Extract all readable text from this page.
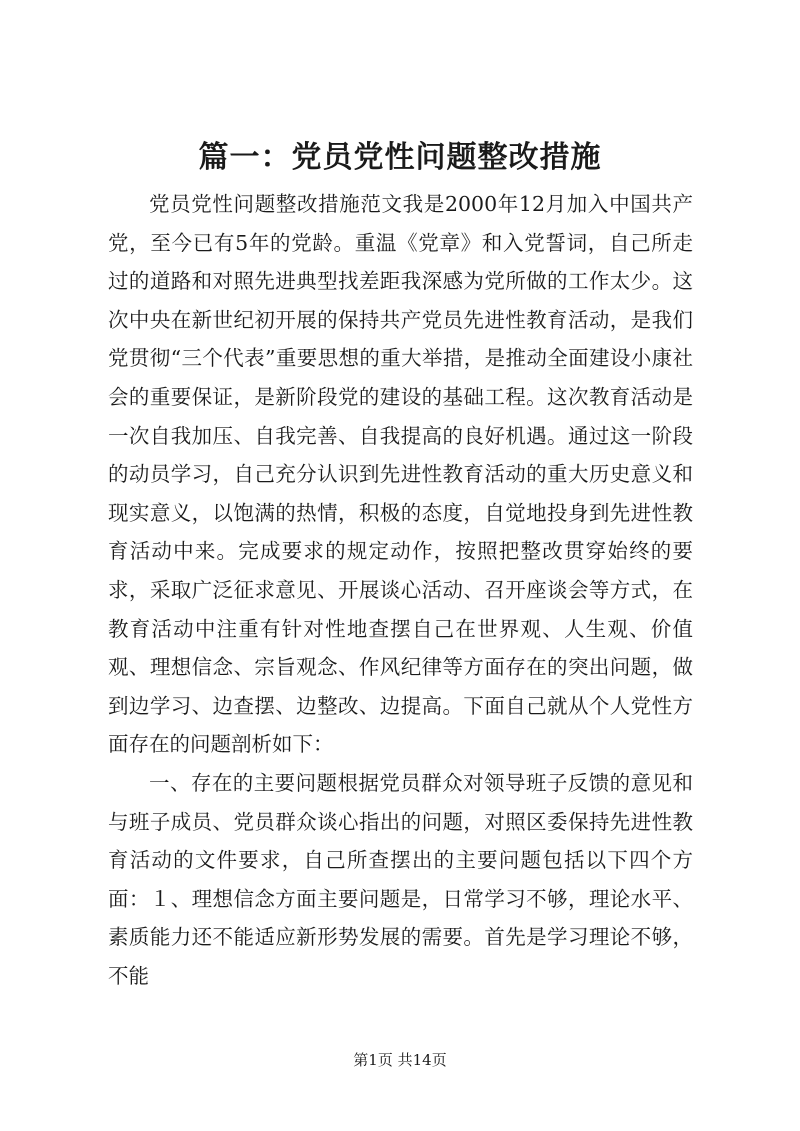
篇一：党员党性问题整改措施

党员党性问题整改措施范文我是2000年12月加入中国共产党，至今已有5年的党龄。重温《党章》和入党誓词，自己所走过的道路和对照先进典型找差距我深感为党所做的工作太少。这次中央在新世纪初开展的保持共产党员先进性教育活动，是我们党贯彻“三个代表”重要思想的重大举措，是推动全面建设小康社会的重要保证，是新阶段党的建设的基础工程。这次教育活动是一次自我加压、自我完善、自我提高的良好机遇。通过这一阶段的动员学习，自己充分认识到先进性教育活动的重大历史意义和现实意义，以饱满的热情，积极的态度，自觉地投身到先进性教育活动中来。完成要求的规定动作，按照把整改贯穿始终的要求，采取广泛征求意见、开展谈心活动、召开座谈会等方式，在教育活动中注重有针对性地查摆自己在世界观、人生观、价值观、理想信念、宗旨观念、作风纪律等方面存在的突出问题，做到边学习、边查摆、边整改、边提高。下面自己就从个人党性方面存在的问题剖析如下：

一、存在的主要问题根据党员群众对领导班子反馈的意见和与班子成员、党员群众谈心指出的问题，对照区委保持先进性教育活动的文件要求，自己所查摆出的主要问题包括以下四个方面：１、理想信念方面主要问题是，日常学习不够，理论水平、素质能力还不能适应新形势发展的需要。首先是学习理论不够，不能

第1页 共14页
